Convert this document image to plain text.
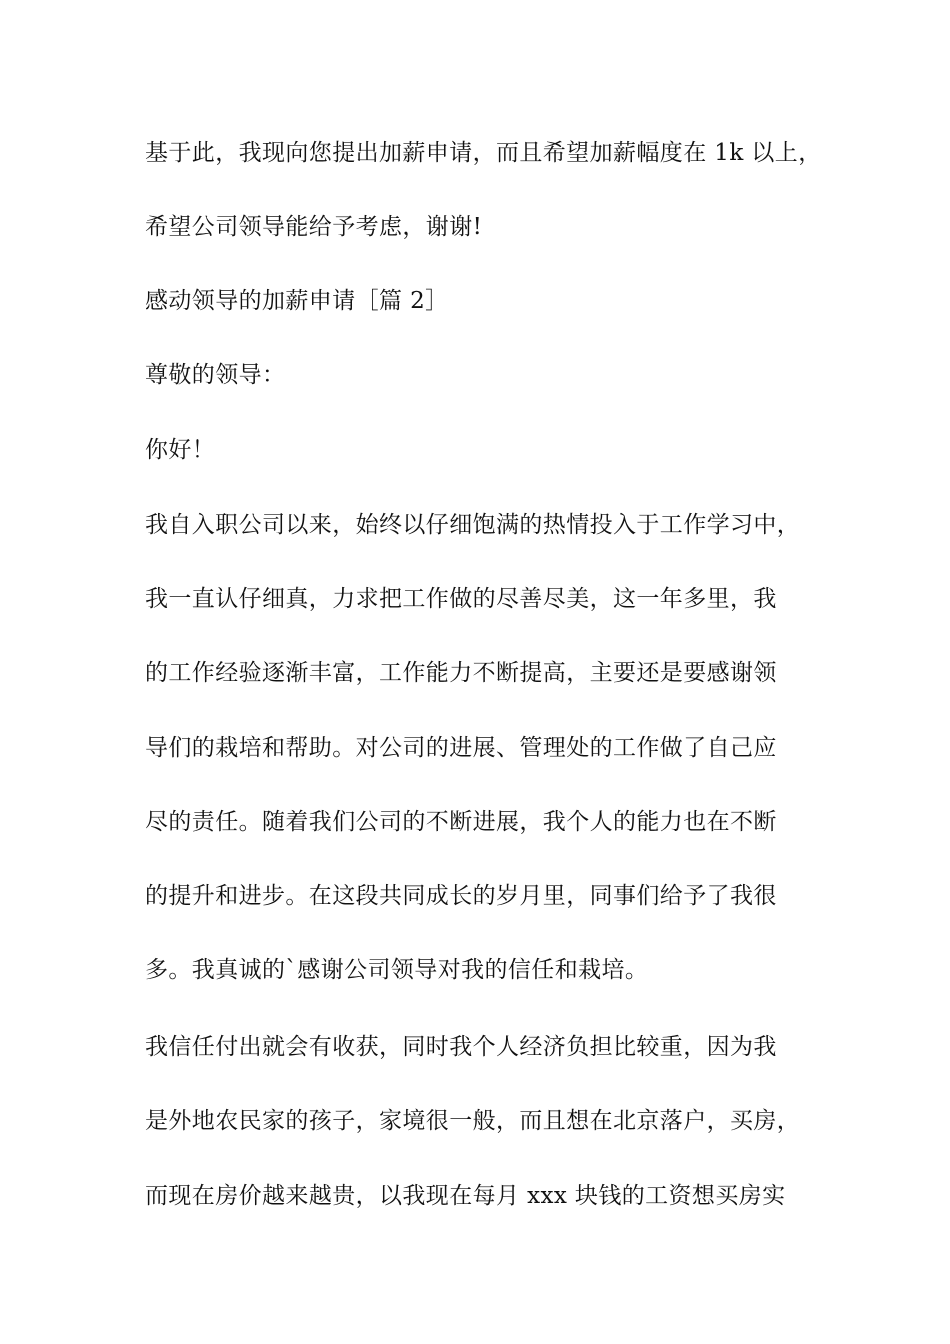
基于此，我现向您提出加薪申请，而且希望加薪幅度在 1k 以上，
希望公司领导能给予考虑，谢谢!
感动领导的加薪申请［篇 2］
尊敬的领导：
你好！
我自入职公司以来，始终以仔细饱满的热情投入于工作学习中，
我一直认仔细真，力求把工作做的尽善尽美，这一年多里，我
的工作经验逐渐丰富，工作能力不断提高，主要还是要感谢领
导们的栽培和帮助。对公司的进展、管理处的工作做了自己应
尽的责任。随着我们公司的不断进展，我个人的能力也在不断
的提升和进步。在这段共同成长的岁月里，同事们给予了我很
多。我真诚的`感谢公司领导对我的信任和栽培。
我信任付出就会有收获，同时我个人经济负担比较重，因为我
是外地农民家的孩子，家境很一般，而且想在北京落户，买房，
而现在房价越来越贵，以我现在每月 xxx 块钱的工资想买房实
